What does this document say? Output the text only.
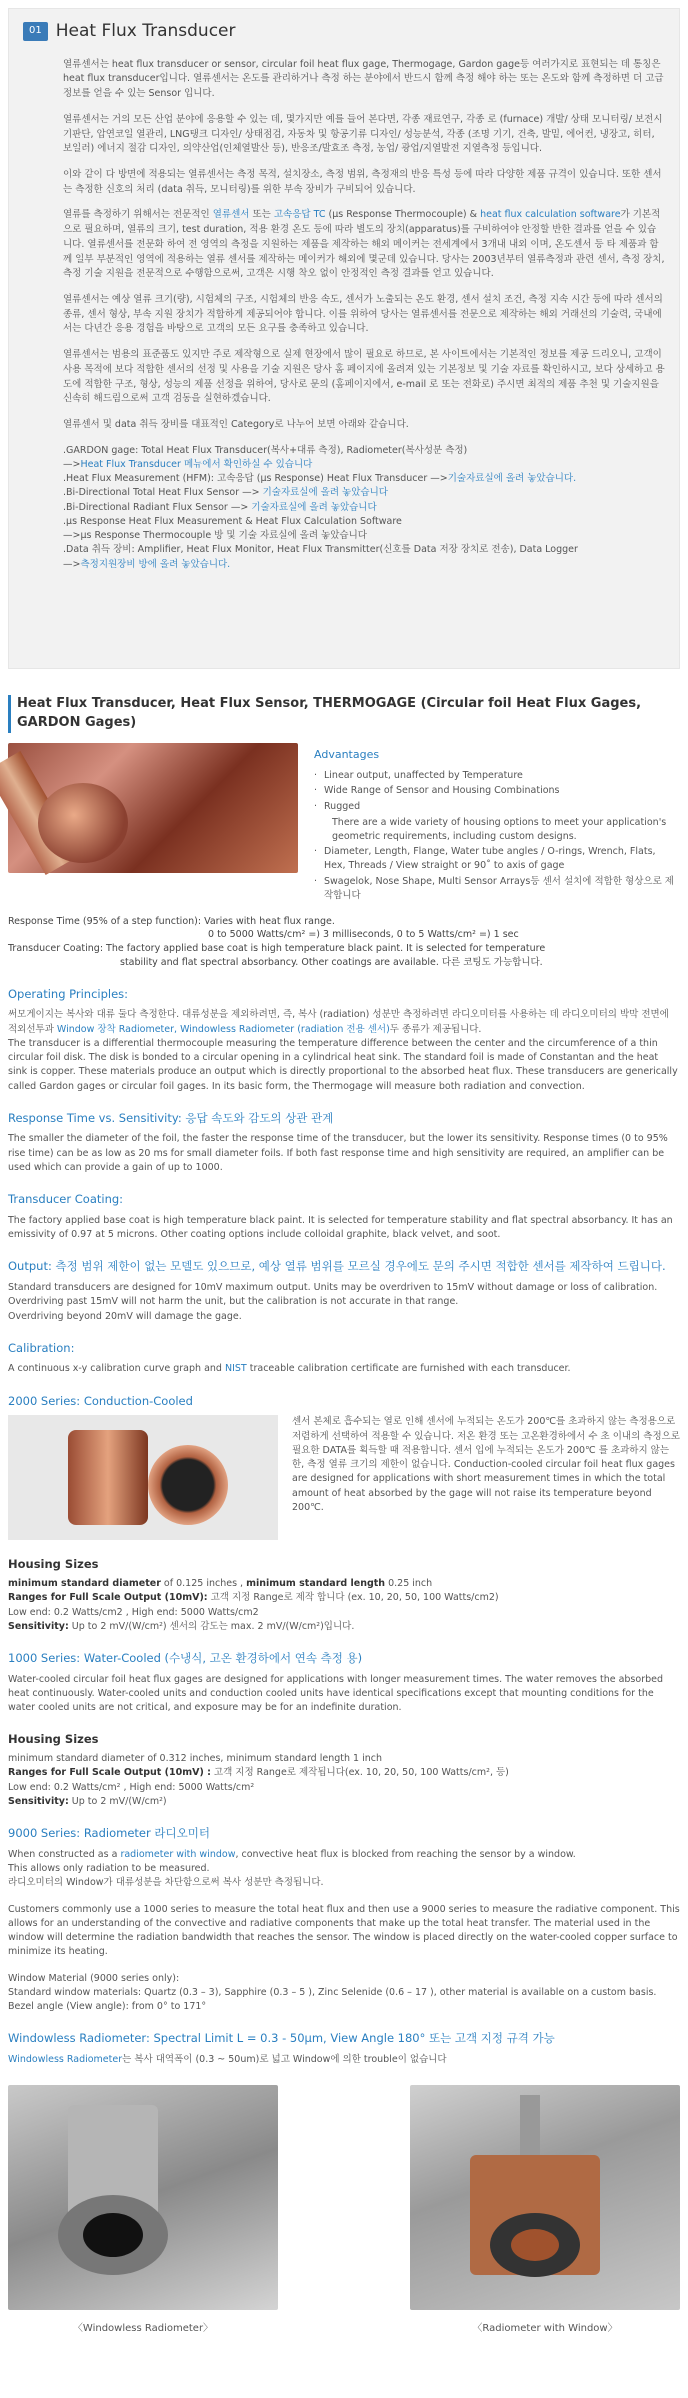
01 Heat Flux Transducer

열류센서는 heat flux transducer or sensor, circular foil heat flux gage, Thermogage, Gardon gage등 여러가지로 표현되는 데 통칭은 heat flux transducer입니다. 열류센서는 온도를 관리하거나 측정 하는 분야에서 반드시 함께 측정 해야 하는 또는 온도와 함께 측정하면 더 고급 정보를 얻을 수 있는 Sensor 입니다.

열류센서는 거의 모든 산업 분야에 응용할 수 있는 데, 몇가지만 예를 들어 본다면, 각종 재료연구, 각종 로 (furnace) 개발/ 상태 모니터링/ 보전시기판단, 압연코일 열관리, LNG탱크 디자인/ 상태점검, 자동차 및 항공기류 디자인/ 성능분석, 각종 (조명 기기, 건축, 발밑, 에어컨, 냉장고, 히터, 보일러) 에너지 절감 디자인, 의약산업(인체열발산 등), 반응조/발효조 측정, 농업/ 광업/지열발전 지열측정 등입니다.

이와 같이 다 방면에 적용되는 열류센서는 측정 목적, 설치장소, 측정 범위, 측정재의 반응 특성 등에 따라 다양한 제품 규격이 있습니다. 또한 센서는 측정한 신호의 처리 (data 취득, 모니터링)를 위한 부속 장비가 구비되어 있습니다.

열류를 측정하기 위해서는 전문적인 열류센서 또는 고속응답 TC (μs Response Thermocouple) & heat flux calculation software가 기본적으로 필요하며, 열류의 크기, test duration, 적용 환경 온도 등에 따라 별도의 장치(apparatus)를 구비하여야 안정할 반한 결과를 얻을 수 있습니다. 열류센서를 전문화 하여 전 영역의 측정을 지원하는 제품을 제작하는 해외 메이커는 전세계에서 3개내 내외 이며, 온도센서 등 타 제품과 함께 일부 부분적인 영역에 적용하는 열류 센서를 제작하는 메이커가 해외에 몇군데 있습니다. 당사는 2003년부터 열류측정과 관련 센서, 측정 장치, 측정 기술 지원을 전문적으로 수행함으로써, 고객은 시행 착오 없이 안정적인 측정 결과를 얻고 있습니다.

열류센서는 예상 열류 크기(량), 시험체의 구조, 시험체의 반응 속도, 센서가 노출되는 온도 환경, 센서 설치 조건, 측정 지속 시간 등에 따라 센서의 종류, 센서 형상, 부속 지원 장치가 적합하게 제공되어야 합니다. 이를 위하여 당사는 열류센서를 전문으로 제작하는 해외 거래선의 기술력, 국내에서는 다년간 응용 경험을 바탕으로 고객의 모든 요구를 충족하고 있습니다.

열류센서는 범용의 표준품도 있지만 주로 제작형으로 실제 현장에서 많이 필요로 하므로, 본 사이트에서는 기본적인 정보를 제공 드리오니, 고객이 사용 목적에 보다 적합한 센서의 선정 및 사용을 기술 지원은 당사 홈 페이지에 올려져 있는 기본정보 및 기술 자료를 확인하시고, 보다 상세하고 용도에 적합한 구조, 형상, 성능의 제품 선정을 위하여, 당사로 문의 (홈페이지에서, e-mail 로 또는 전화로) 주시면 최적의 제품 추천 및 기술지원을 신속히 해드림으로써 고객 검동을 실현하겠습니다.

열류센서 및 data 취득 장비를 대표적인 Category로 나누어 보면 아래와 같습니다.

.GARDON gage: Total Heat Flux Transducer(복사+대류 측정), Radiometer(복사성분 측정)
—>Heat Flux Transducer 메뉴에서 확인하실 수 있습니다
.Heat Flux Measurement (HFM): 고속응답 (μs Response) Heat Flux Transducer —>기술자료실에 올려 놓았습니다.
.Bi-Directional Total Heat Flux Sensor —> 기술자료실에 올려 놓았습니다
.Bi-Directional Radiant Flux Sensor —> 기술자료실에 올려 놓았습니다
.μs Response Heat Flux Measurement & Heat Flux Calculation Software
—>μs Response Thermocouple 방 및 기술 자료실에 올려 놓았습니다
.Data 취득 장비: Amplifier, Heat Flux Monitor, Heat Flux Transmitter(신호를 Data 저장 장치로 전송), Data Logger
—>측정지원장비 방에 올려 놓았습니다.
Heat Flux Transducer, Heat Flux Sensor, THERMOGAGE (Circular foil Heat Flux Gages, GARDON Gages)
Advantages
· Linear output, unaffected by Temperature
· Wide Range of Sensor and Housing Combinations
· Rugged
There are a wide variety of housing options to meet your application's geometric requirements, including custom designs.
· Diameter, Length, Flange, Water tube angles / O-rings, Wrench, Flats, Hex, Threads / View straight or 90˚ to axis of gage
· Swagelok, Nose Shape, Multi Sensor Arrays등 센서 설치에 적합한 형상으로 제작합니다
Response Time (95% of a step function): Varies with heat flux range.
0 to 5000 Watts/cm² =) 3 milliseconds, 0 to 5 Watts/cm² =) 1 sec
Transducer Coating: The factory applied base coat is high temperature black paint. It is selected for temperature
stability and flat spectral absorbancy. Other coatings are available. 다른 코팅도 가능합니다.
Operating Principles:
써모게이지는 복사와 대류 둘다 측정한다. 대류성분을 제외하려면, 즉, 복사 (radiation) 성분만 측정하려면 라디오미터를 사용하는 데 라디오미터의 박막 전면에 적외선투과 Window 장착 Radiometer, Windowless Radiometer (radiation 전용 센서)두 종류가 제공됩니다.
The transducer is a differential thermocouple measuring the temperature difference between the center and the circumference of a thin circular foil disk. The disk is bonded to a circular opening in a cylindrical heat sink. The standard foil is made of Constantan and the heat sink is copper. These materials produce an output which is directly proportional to the absorbed heat flux. These transducers are generically called Gardon gages or circular foil gages. In its basic form, the Thermogage will measure both radiation and convection.
Response Time vs. Sensitivity: 응답 속도와 감도의 상관 관계
The smaller the diameter of the foil, the faster the response time of the transducer, but the lower its sensitivity. Response times (0 to 95% rise time) can be as low as 20 ms for small diameter foils. If both fast response time and high sensitivity are required, an amplifier can be used which can provide a gain of up to 1000.
Transducer Coating:
The factory applied base coat is high temperature black paint. It is selected for temperature stability and flat spectral absorbancy. It has an emissivity of 0.97 at 5 microns. Other coating options include colloidal graphite, black velvet, and soot.
Output: 측정 범위 제한이 없는 모델도 있으므로, 예상 열류 범위를 모르실 경우에도 문의 주시면 적합한 센서를 제작하여 드립니다.
Standard transducers are designed for 10mV maximum output. Units may be overdriven to 15mV without damage or loss of calibration.
Overdriving past 15mV will not harm the unit, but the calibration is not accurate in that range.
Overdriving beyond 20mV will damage the gage.
Calibration:
A continuous x-y calibration curve graph and NIST traceable calibration certificate are furnished with each transducer.
2000 Series: Conduction-Cooled
센서 본체로 흡수되는 열로 인해 센서에 누적되는 온도가 200℃를 초과하지 않는 측정용으로 저렴하게 선택하여 적용할 수 있습니다. 저온 환경 또는 고온환경하에서 수 초 이내의 측정으로 필요한 DATA를 획득할 때 적용합니다. 센서 입에 누적되는 온도가 200℃ 를 초과하지 않는 한, 측정 열류 크기의 제한이 없습니다. Conduction-cooled circular foil heat flux gages are designed for applications with short measurement times in which the total amount of heat absorbed by the gage will not raise its temperature beyond 200℃.
Housing Sizes
minimum standard diameter of 0.125 inches , minimum standard length 0.25 inch
Ranges for Full Scale Output (10mV): 고객 지정 Range로 제작 합니다 (ex. 10, 20, 50, 100 Watts/cm2)
Low end: 0.2 Watts/cm2 , High end: 5000 Watts/cm2
Sensitivity: Up to 2 mV/(W/cm²) 센서의 감도는 max. 2 mV/(W/cm²)입니다.
1000 Series: Water-Cooled (수냉식, 고온 환경하에서 연속 측정 용)
Water-cooled circular foil heat flux gages are designed for applications with longer measurement times. The water removes the absorbed heat continuously. Water-cooled units and conduction cooled units have identical specifications except that mounting conditions for the water cooled units are not critical, and exposure may be for an indefinite duration.
Housing Sizes
minimum standard diameter of 0.312 inches, minimum standard length 1 inch
Ranges for Full Scale Output (10mV) : 고객 지정 Range로 제작됩니다(ex. 10, 20, 50, 100 Watts/cm², 등)
Low end: 0.2 Watts/cm² , High end: 5000 Watts/cm²
Sensitivity: Up to 2 mV/(W/cm²)
9000 Series: Radiometer 라디오미터
When constructed as a radiometer with window, convective heat flux is blocked from reaching the sensor by a window.
This allows only radiation to be measured.
라디오미터의 Window가 대류성분을 차단함으로써 복사 성분만 측정됩니다.
Customers commonly use a 1000 series to measure the total heat flux and then use a 9000 series to measure the radiative component. This allows for an understanding of the convective and radiative components that make up the total heat transfer. The material used in the window will determine the radiation bandwidth that reaches the sensor. The window is placed directly on the water-cooled copper surface to minimize its heating.
Window Material (9000 series only):
Standard window materials: Quartz (0.3 – 3), Sapphire (0.3 – 5 ), Zinc Selenide (0.6 – 17 ), other material is available on a custom basis.
Bezel angle (View angle): from 0° to 171°
Windowless Radiometer: Spectral Limit L = 0.3 - 50μm, View Angle 180° 또는 고객 지정 규격 가능
Windowless Radiometer는 복사 대역폭이 (0.3 ~ 50um)로 넓고 Window에 의한 trouble이 없습니다
〈Windowless Radiometer〉	〈Radiometer with Window〉
